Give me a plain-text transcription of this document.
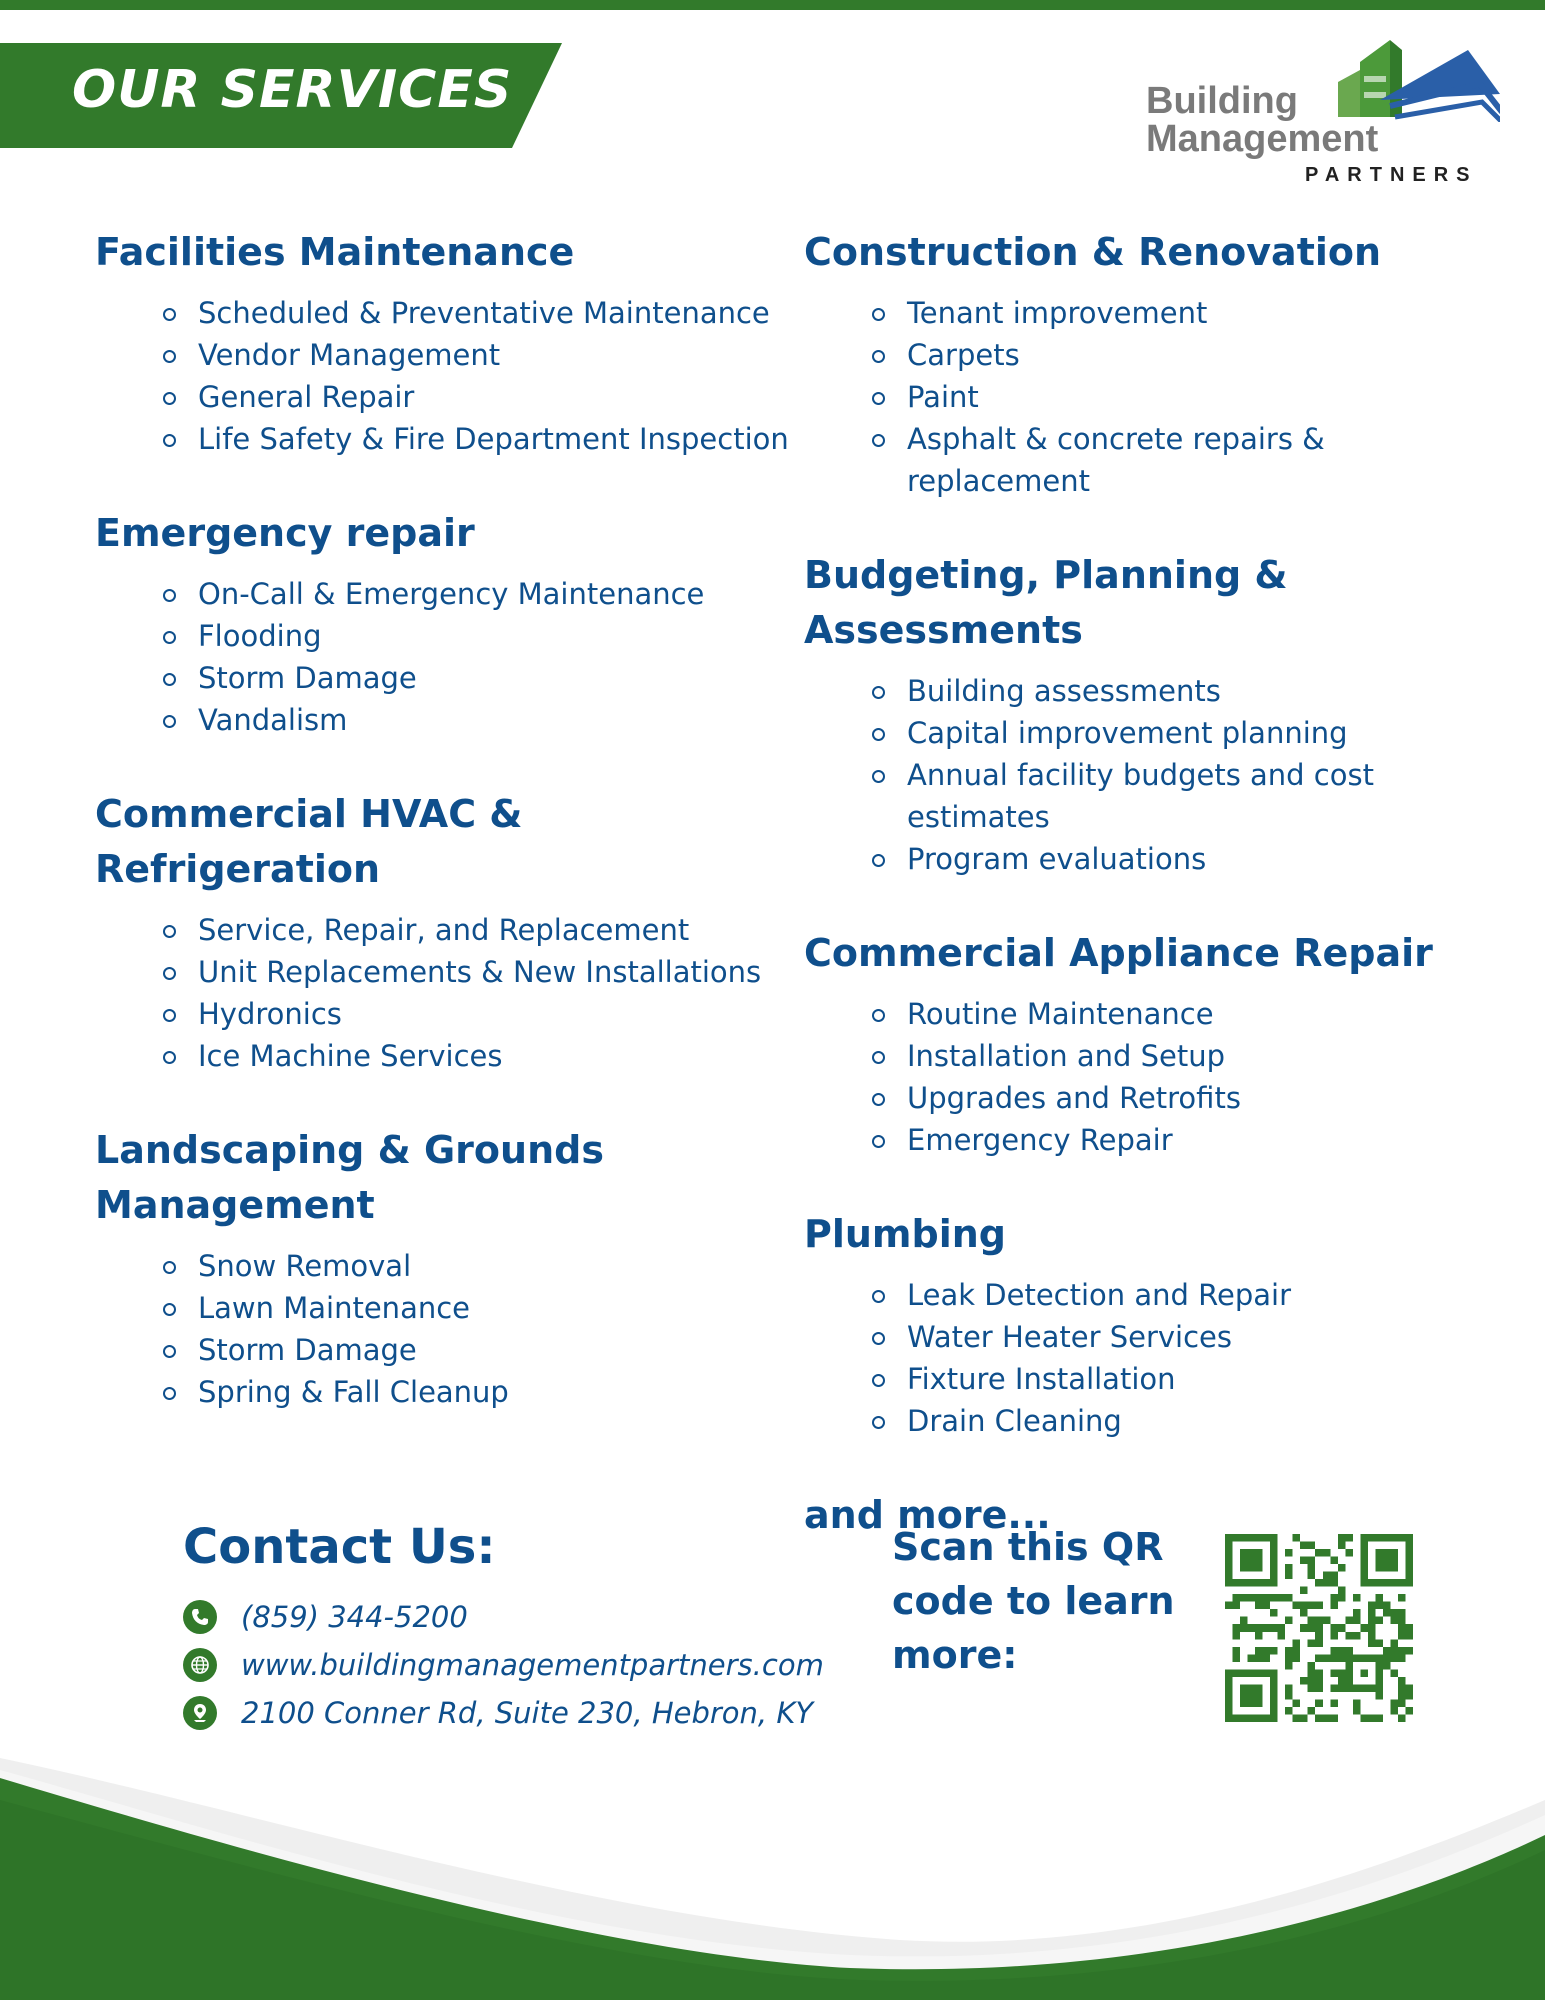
OUR SERVICES	Building
Management
PARTNERS
Facilities Maintenance
Scheduled & Preventative Maintenance
Vendor Management
General Repair
Life Safety & Fire Department Inspection
Emergency repair
On-Call & Emergency Maintenance
Flooding
Storm Damage
Vandalism
Commercial HVAC & Refrigeration
Service, Repair, and Replacement
Unit Replacements & New Installations
Hydronics
Ice Machine Services
Landscaping & Grounds Management
Snow Removal
Lawn Maintenance
Storm Damage
Spring & Fall Cleanup
Construction & Renovation
Tenant improvement
Carpets
Paint
Asphalt & concrete repairs & replacement
Budgeting, Planning & Assessments
Building assessments
Capital improvement planning
Annual facility budgets and cost estimates
Program evaluations
Commercial Appliance Repair
Routine Maintenance
Installation and Setup
Upgrades and Retrofits
Emergency Repair
Plumbing
Leak Detection and Repair
Water Heater Services
Fixture Installation
Drain Cleaning

and more...

Contact Us:
(859) 344-5200
www.buildingmanagementpartners.com
2100 Conner Rd, Suite 230, Hebron, KY

Scan this QR code to learn more:
